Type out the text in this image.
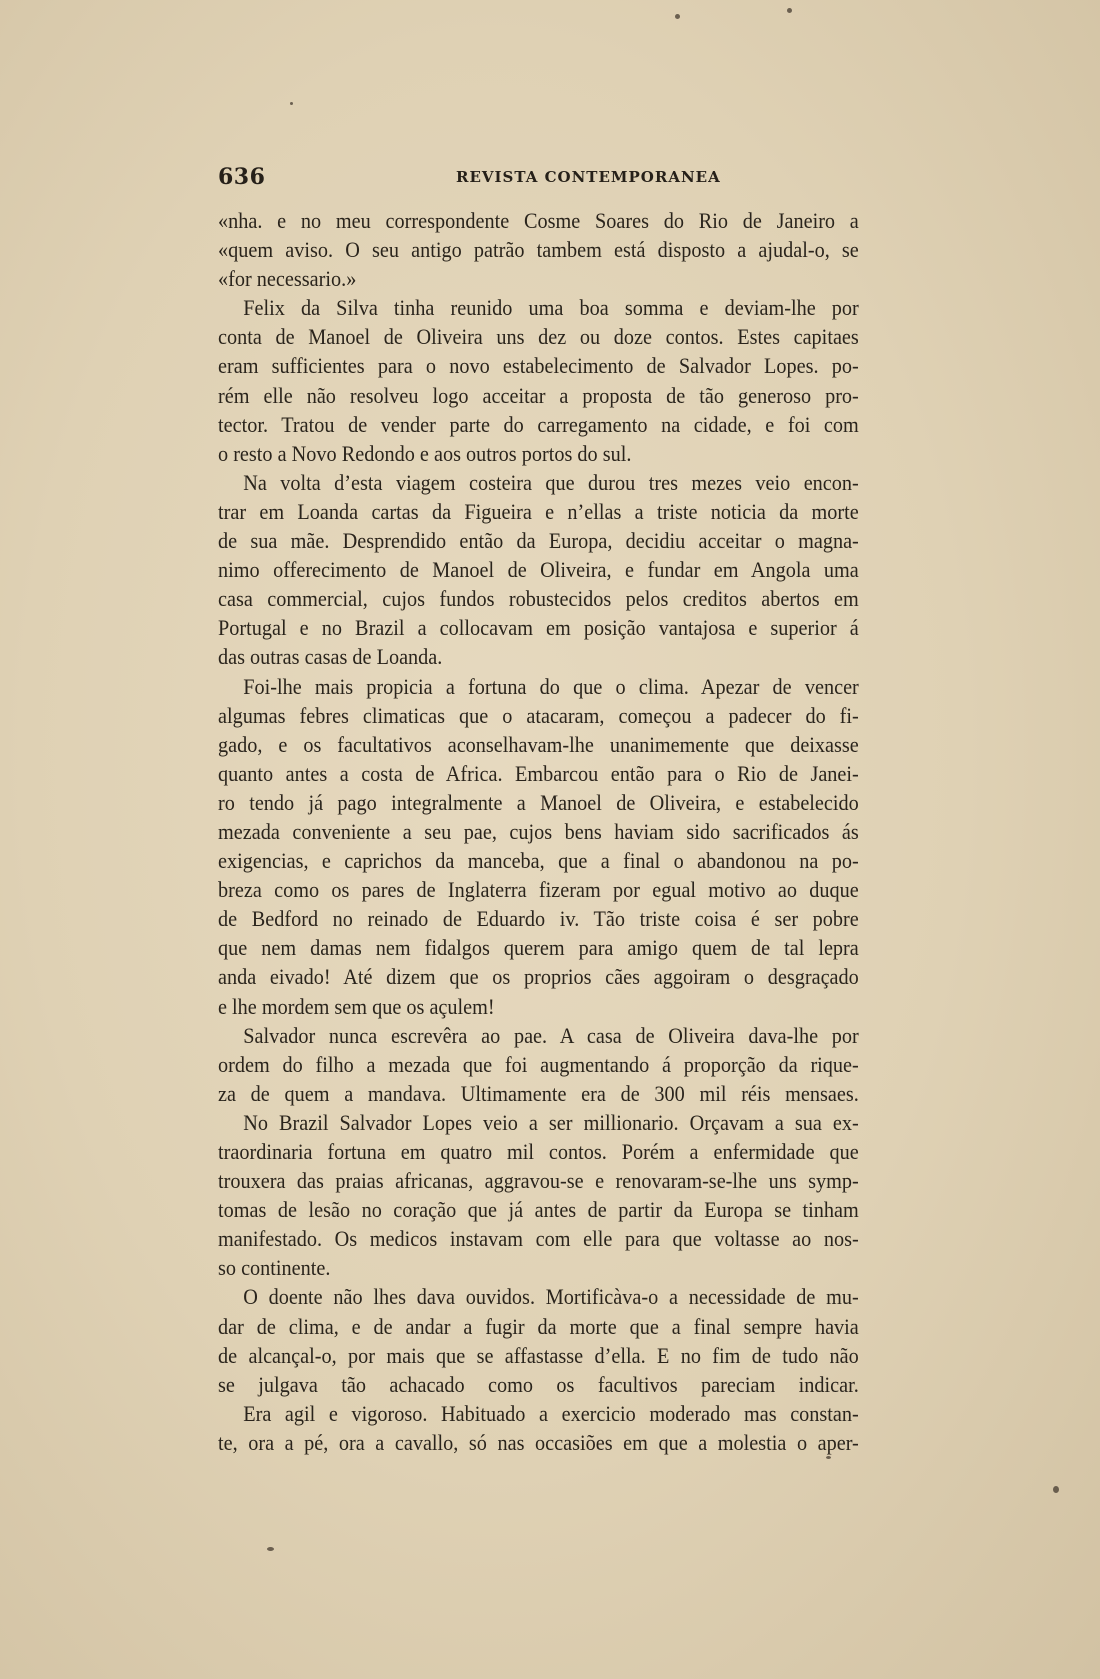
636	REVISTA CONTEMPORANEA
«nha. e no meu correspondente Cosme Soares do Rio de Janeiro a
«quem aviso. O seu antigo patrão tambem está disposto a ajudal-o, se
«for necessario.»
Felix da Silva tinha reunido uma boa somma e deviam-lhe por
conta de Manoel de Oliveira uns dez ou doze contos. Estes capitaes
eram sufficientes para o novo estabelecimento de Salvador Lopes. po-
rém elle não resolveu logo acceitar a proposta de tão generoso pro-
tector. Tratou de vender parte do carregamento na cidade, e foi com
o resto a Novo Redondo e aos outros portos do sul.
Na volta d’esta viagem costeira que durou tres mezes veio encon-
trar em Loanda cartas da Figueira e n’ellas a triste noticia da morte
de sua mãe. Desprendido então da Europa, decidiu acceitar o magna-
nimo offerecimento de Manoel de Oliveira, e fundar em Angola uma
casa commercial, cujos fundos robustecidos pelos creditos abertos em
Portugal e no Brazil a collocavam em posição vantajosa e superior á
das outras casas de Loanda.
Foi-lhe mais propicia a fortuna do que o clima. Apezar de vencer
algumas febres climaticas que o atacaram, começou a padecer do fi-
gado, e os facultativos aconselhavam-lhe unanimemente que deixasse
quanto antes a costa de Africa. Embarcou então para o Rio de Janei-
ro tendo já pago integralmente a Manoel de Oliveira, e estabelecido
mezada conveniente a seu pae, cujos bens haviam sido sacrificados ás
exigencias, e caprichos da manceba, que a final o abandonou na po-
breza como os pares de Inglaterra fizeram por egual motivo ao duque
de Bedford no reinado de Eduardo iv. Tão triste coisa é ser pobre
que nem damas nem fidalgos querem para amigo quem de tal lepra
anda eivado! Até dizem que os proprios cães aggoiram o desgraçado
e lhe mordem sem que os açulem!
Salvador nunca escrevêra ao pae. A casa de Oliveira dava-lhe por
ordem do filho a mezada que foi augmentando á proporção da rique-
za de quem a mandava. Ultimamente era de 300 mil réis mensaes.
No Brazil Salvador Lopes veio a ser millionario. Orçavam a sua ex-
traordinaria fortuna em quatro mil contos. Porém a enfermidade que
trouxera das praias africanas, aggravou-se e renovaram-se-lhe uns symp-
tomas de lesão no coração que já antes de partir da Europa se tinham
manifestado. Os medicos instavam com elle para que voltasse ao nos-
so continente.
O doente não lhes dava ouvidos. Mortificàva-o a necessidade de mu-
dar de clima, e de andar a fugir da morte que a final sempre havia
de alcançal-o, por mais que se affastasse d’ella. E no fim de tudo não
se julgava tão achacado como os facultivos pareciam indicar.
Era agil e vigoroso. Habituado a exercicio moderado mas constan-
te, ora a pé, ora a cavallo, só nas occasiões em que a molestia o aper-
